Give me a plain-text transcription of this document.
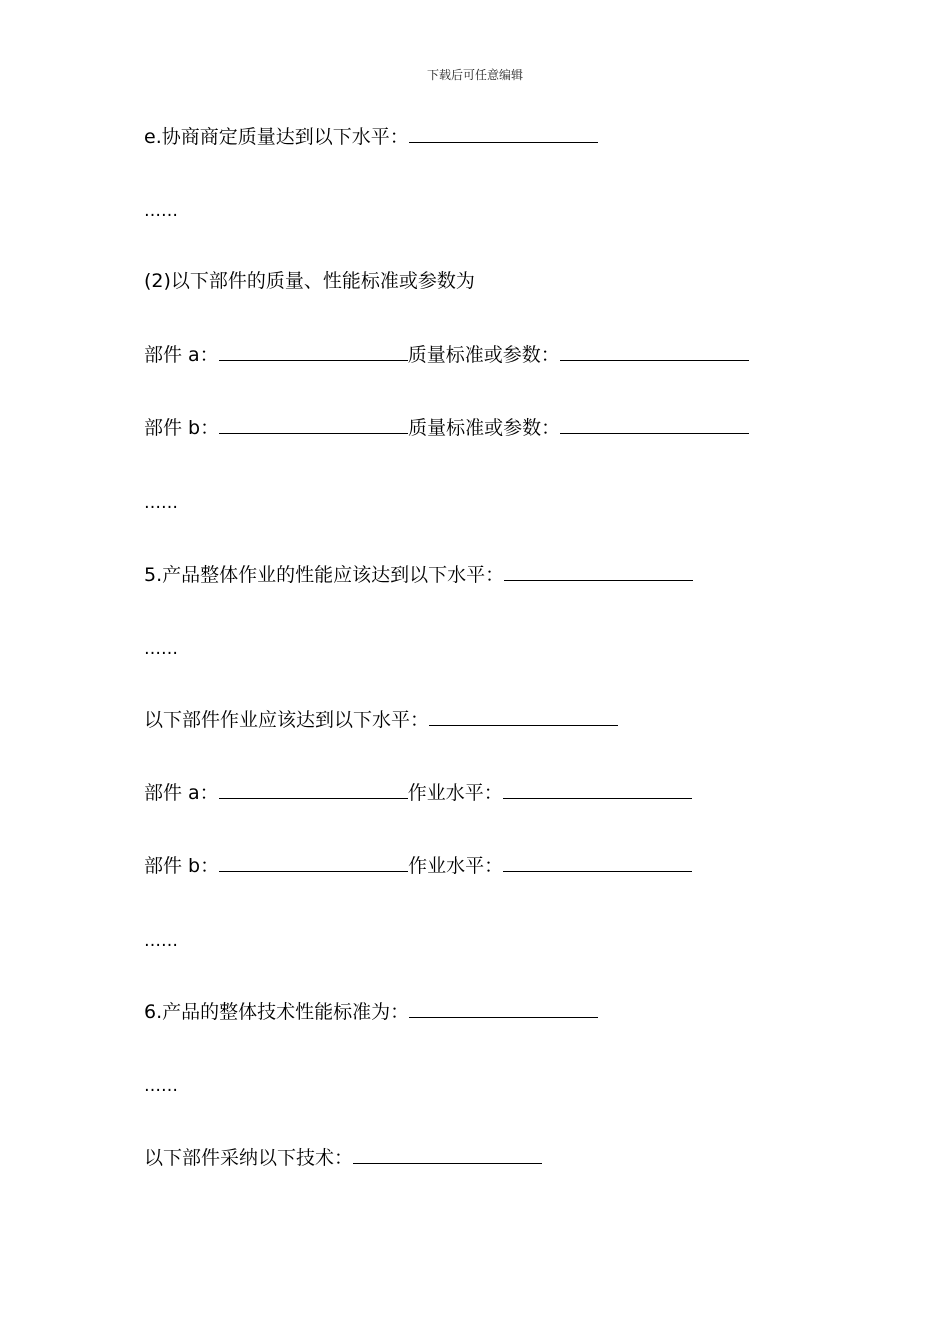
下载后可任意编辑
e.协商商定质量达到以下水平：
……
(2)以下部件的质量、性能标准或参数为
部件 a：	质量标准或参数：
部件 b：	质量标准或参数：
……
5.产品整体作业的性能应该达到以下水平：
……
以下部件作业应该达到以下水平：
部件 a：	作业水平：
部件 b：	作业水平：
……
6.产品的整体技术性能标准为：
……
以下部件采纳以下技术：
